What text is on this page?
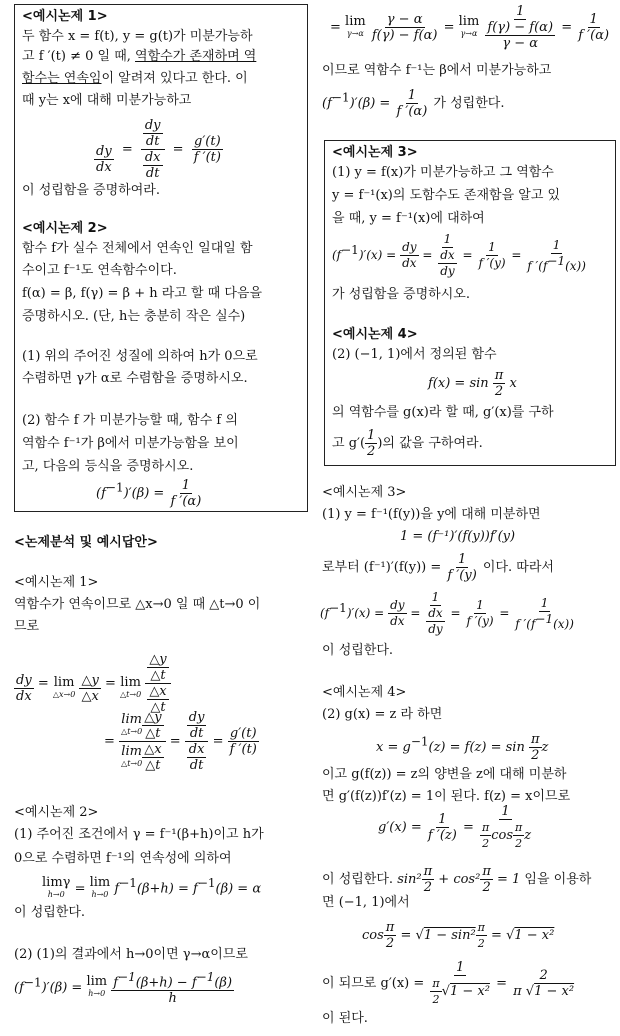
<예시논제 1>
두 함수 x = f(t), y = g(t)가 미분가능하
고 f ′(t) ≠ 0 일 때, 역함수가 존재하며 역
함수는 연속임이 알려져 있다고 한다. 이
때 y는 x에 대해 미분가능하고
$\frac{dy}{dx} = \frac{\frac{dy}{dt}}{\frac{dx}{dt}} = \frac{g'(t)}{f '(t)}$
이 성립함을 증명하여라.
<예시논제 2>
함수 f가 실수 전체에서 연속인 일대일 함
수이고 f⁻¹도 연속함수이다.
f(α) = β, f(γ) = β + h 라고 할 때 다음을
증명하시오. (단, h는 충분히 작은 실수)
(1) 위의 주어진 성질에 의하여 h가 0으로
수렴하면 γ가 α로 수렴함을 증명하시오.
(2) 함수 f 가 미분가능할 때, 함수 f 의
역함수 f⁻¹가 β에서 미분가능함을 보이
고, 다음의 등식을 증명하시오.
$(f^{-1})'(\beta) = \frac{1}{f '(\alpha)}$
<논제분석 및 예시답안>
<예시논제 1>
역함수가 연속이므로 △x→0 일 때 △t→0 이
므로
$\frac{dy}{dx} = \lim$
△x→0
$\frac{\triangle y}{\triangle x} = \lim$
△t→0
$\frac{\frac{\triangle y}{\triangle t}}{\frac{\triangle x}{\triangle t}}$
= lim
△t→0 $\frac{\triangle y}{\triangle t}$
lim
△t→0 $\frac{\triangle x}{\triangle t} = \frac{\frac{dy}{dt}}{\frac{dx}{dt}} = \frac{g'(t)}{f '(t)}$
<예시논제 2>
(1) 주어진 조건에서 γ = f⁻¹(β+h)이고 h가
0으로 수렴하면 f⁻¹의 연속성에 의하여
limγ
h→0 = lim
h→0 $f^{-1}(\beta+h) = f^{-1}(\beta) = \alpha$
이 성립한다.
(2) (1)의 결과에서 h→0이면 γ→α이므로
$(f^{-1})'(\beta) = \lim$
h→0
$\frac{f^{-1}(\beta+h) - f^{-1}(\beta)}{h}$
= lim
γ→α
$\frac{\gamma - \alpha}{f(\gamma) - f(\alpha)} = \lim$
γ→α
$\frac{1}{\frac{f(\gamma) - f(\alpha)}{\gamma - \alpha}} = \frac{1}{f '(\alpha)}$
이므로 역함수 f⁻¹는 β에서 미분가능하고
$(f^{-1})'(\beta) = \frac{1}{f '(\alpha)}$ 가 성립한다.
<예시논제 3>
(1) y = f(x)가 미분가능하고 그 역함수
y = f⁻¹(x)의 도함수도 존재함을 알고 있
을 때, y = f⁻¹(x)에 대하여
$(f^{-1})'(x) = \frac{dy}{dx} = \frac{1}{\frac{dx}{dy}} = \frac{1}{f '(y)} = \frac{1}{f '(f^{-1}(x))}$
가 성립함을 증명하시오.
<예시논제 4>
(2) (−1, 1)에서 정의된 함수
$f(x) = \sin \frac{\pi}{2}$ x
의 역함수를 g(x)라 할 때, g′(x)를 구하
고 $g'( \frac{1}{2}$ )의 값을 구하여라.
<예시논제 3>
(1) y = f⁻¹(f(y))을 y에 대해 미분하면
1 = (f⁻¹)′(f(y))f′(y)
로부터 $(f^{-1})'(f(y)) = \frac{1}{f '(y)}$ 이다. 따라서
$(f^{-1})'(x) = \frac{dy}{dx} = \frac{1}{\frac{dx}{dy}} = \frac{1}{f '(y)} = \frac{1}{f '(f^{-1}(x))}$
이 성립한다.
<예시논제 4>
(2) g(x) = z 라 하면
$x = g^{-1}(z) = f(z) = \sin \frac{\pi}{2}$ z
이고 g(f(z)) = z의 양변을 z에 대해 미분하
면 g′(f(z))f′(z) = 1이 된다. f(z) = x이므로
$g'(x) = \frac{1}{f '(z)} = \frac{1}{\frac{\pi}{2} \cos \frac{\pi}{2} z}$
이 성립한다. $\sin^2 \frac{\pi}{2} + \cos^2 \frac{\pi}{2} = 1$ 임을 이용하
면 (−1, 1)에서
$\cos \frac{\pi}{2} = √1 - \sin^2 \frac{\pi}{2} = √1 - x^2$
이 되므로 $g'(x) = \frac{1}{\frac{\pi}{2} √1 - x^2} = \frac{2}{\text{π √1 − x²}}$
이 된다.
